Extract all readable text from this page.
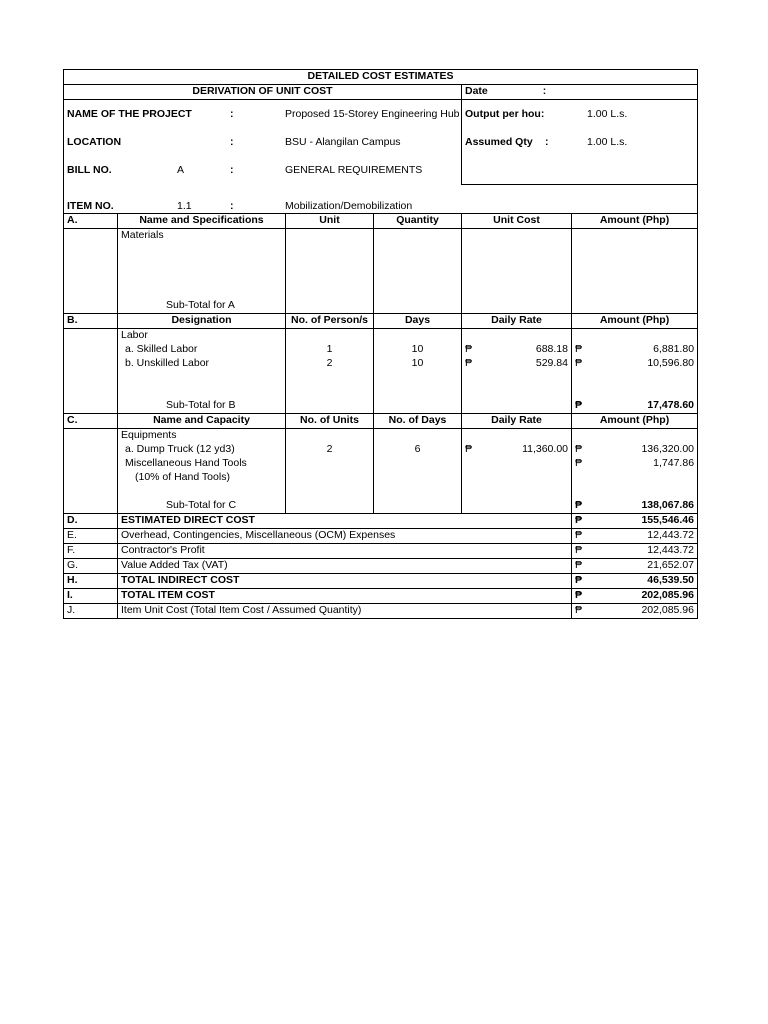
DETAILED COST ESTIMATES					
DERIVATION OF UNIT COST				Date :	
NAME OF THE PROJECT : Proposed 15-Storey Engineering Hub				Output per hou: 1.00 L.s.	
LOCATION : BSU - Alangilan Campus				Assumed Qty : 1.00 L.s.	
BILL NO. A : GENERAL REQUIREMENTS					
ITEM NO. 1.1 : Mobilization/Demobilization					
A.	Name and Specifications	Unit	Quantity	Unit Cost	Amount (Php)
	Materials				

	Sub-Total for A				
B.	Designation	No. of Person/s	Days	Daily Rate	Amount (Php)
	Labor				
	a. Skilled Labor	1	10	₱ 688.18	₱ 6,881.80

	b. Unskilled Labor	2	10	₱ 529.84	₱ 10,596.80

	Sub-Total for B				₱ 17,478.60

C.	Name and Capacity	No. of Units	No. of Days	Daily Rate	Amount (Php)
	Equipments				
	a. Dump Truck (12 yd3)	2	6	₱ 11,360.00	₱ 136,320.00

	Miscellaneous Hand Tools				₱ 1,747.86

	(10% of Hand Tools)				

	Sub-Total for C				₱ 138,067.86
D.	ESTIMATED DIRECT COST	₱ 155,546.46

E.	Overhead, Contingencies, Miscellaneous (OCM) Expenses	₱ 12,443.72

F.	Contractor's Profit	₱ 12,443.72

G.	Value Added Tax (VAT)	₱ 21,652.07

H.	TOTAL INDIRECT COST	₱ 46,539.50

I.	TOTAL ITEM COST	₱ 202,085.96

J.	Item Unit Cost (Total Item Cost / Assumed Quantity)	₱ 202,085.96
